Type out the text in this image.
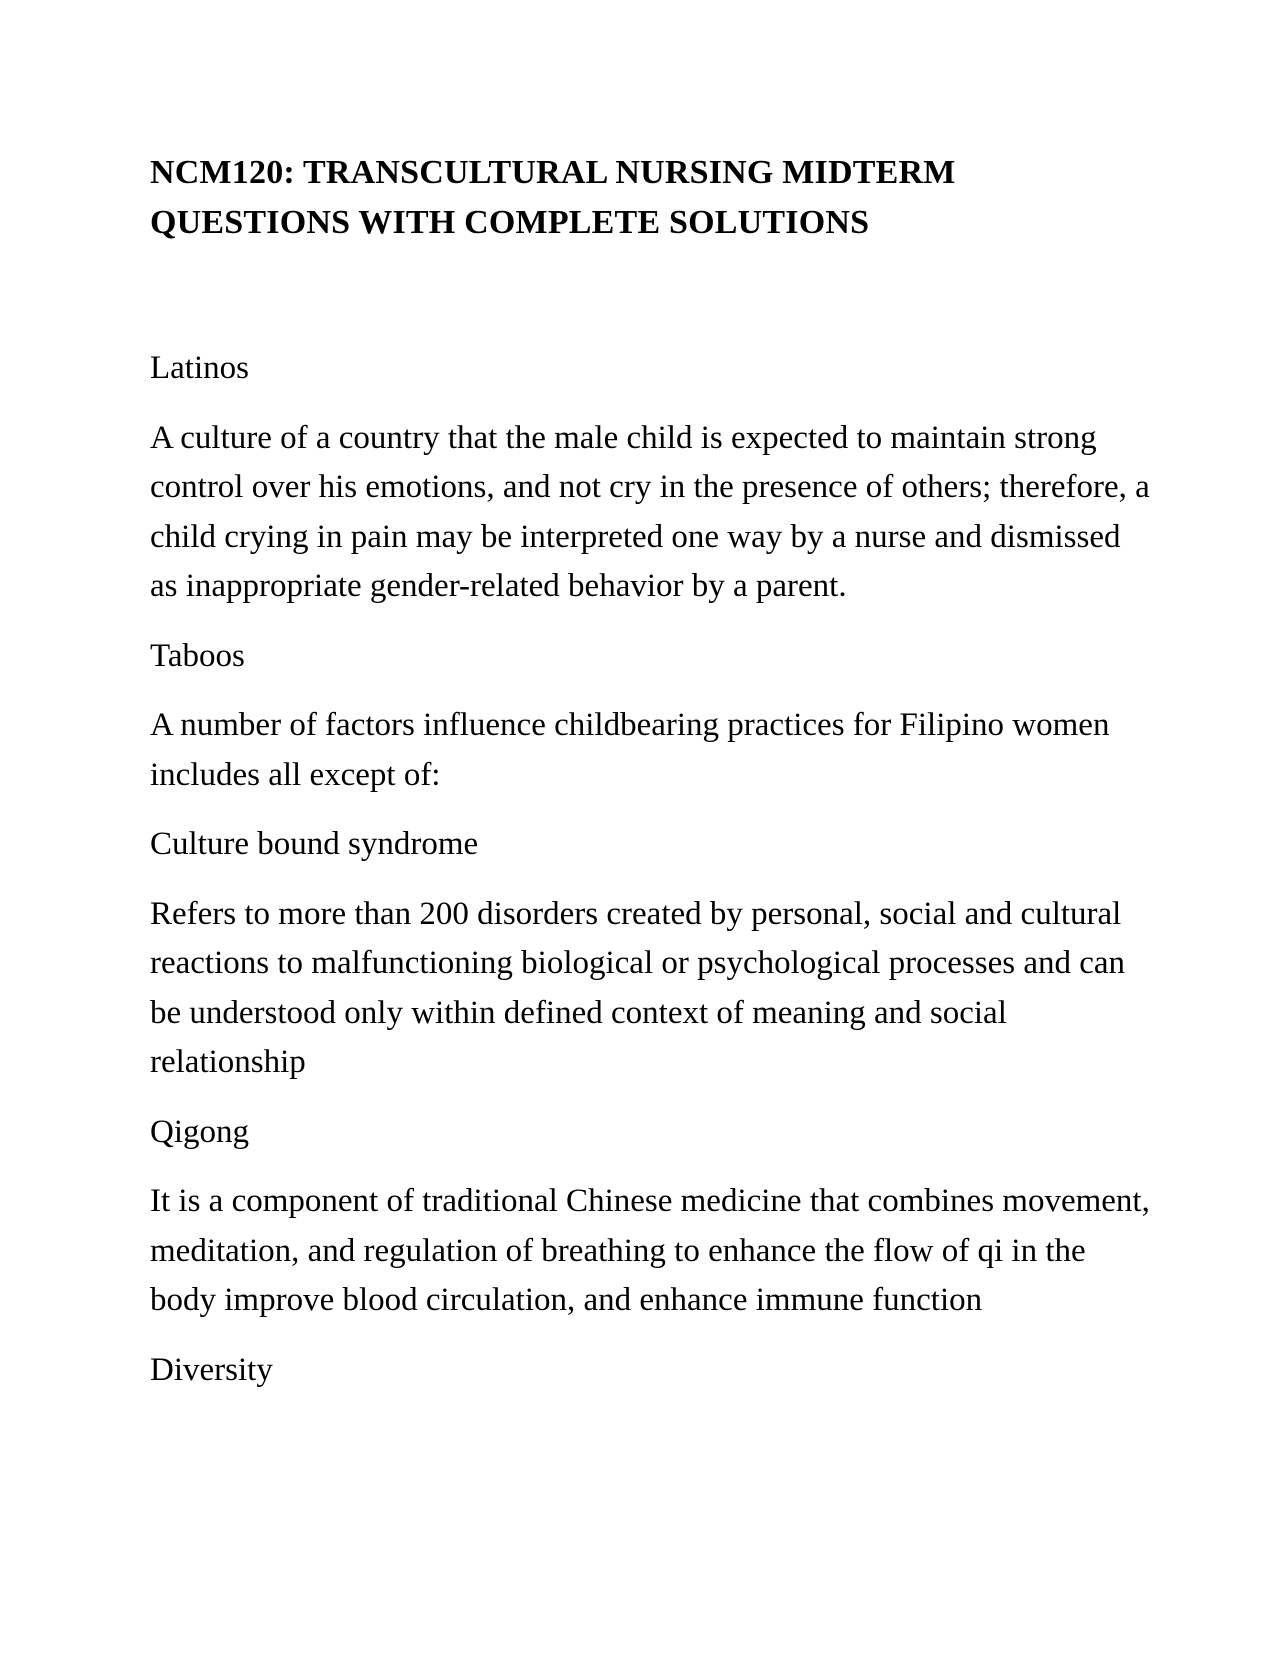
NCM120: TRANSCULTURAL NURSING MIDTERM
QUESTIONS WITH COMPLETE SOLUTIONS

Latinos

A culture of a country that the male child is expected to maintain strong control over his emotions, and not cry in the presence of others; therefore, a child crying in pain may be interpreted one way by a nurse and dismissed as inappropriate gender-related behavior by a parent.

Taboos

A number of factors influence childbearing practices for Filipino women includes all except of:

Culture bound syndrome

Refers to more than 200 disorders created by personal, social and cultural reactions to malfunctioning biological or psychological processes and can be understood only within defined context of meaning and social relationship

Qigong

It is a component of traditional Chinese medicine that combines movement, meditation, and regulation of breathing to enhance the flow of qi in the body improve blood circulation, and enhance immune function

Diversity
